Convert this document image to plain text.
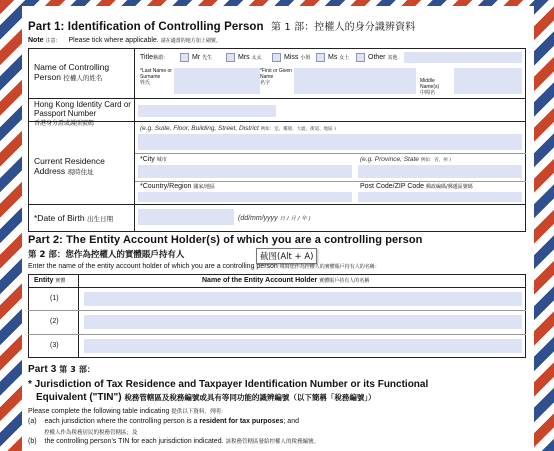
Part 1: Identification of Controlling Person 第 1 部：控權人的身分識辨資料
Note 注意： Please tick where applicable. 請在適當的地方加上剔號。
Name of Controlling Person 控權人的姓名
Title稱謂：	Mr 先生	Mrs 太太	Miss 小姐	Ms 女士	Other 其他
*Last Name or Surname
姓氏
*First or Given Name
名字	Middle Name(s)
中間名
Hong Kong Identity Card or Passport Number
香港身分證或護照號碼
Current Residence Address 現時住址
(e.g. Suite, Floor, Building, Street, District 例如：室、樓層、大廈、街道、地區 )
*City 城市	(e.g. Province, State 例如：省、州 )
*Country/Region 國家/地區	Post Code/ZIP Code 郵政編碼/郵遞區號碼
*Date of Birth 出生日期	(dd/mm/yyyy 日 / 月 / 年 )
Part 2: The Entity Account Holder(s) of which you are a controlling person
第 2 部：您作為控權人的實體賬戶持有人	截图(Alt + A)
Enter the name of the entity account holder of which you are a controlling person 填寫您作為控權人的實體賬戶持有人的名稱：
Entity 實體	Name of the Entity Account Holder 實體賬戶持有人的名稱
(1)
(2)
(3)
Part 3 第 3 部：
* Jurisdiction of Tax Residence and Taxpayer Identification Number or its Functional
Equivalent ("TIN") 稅務管轄區及稅務編號或具有等同功能的識辨編號（以下簡稱「稅務編號」）
Please complete the following table indicating 提供以下資料，列明：
(a) each jurisdiction where the controlling person is a resident for tax purposes; and
控權人作為稅務居民的稅務管轄區；及
(b) the controlling person's TIN for each jurisdiction indicated. 該稅務管轄區發給控權人的稅務編號。
